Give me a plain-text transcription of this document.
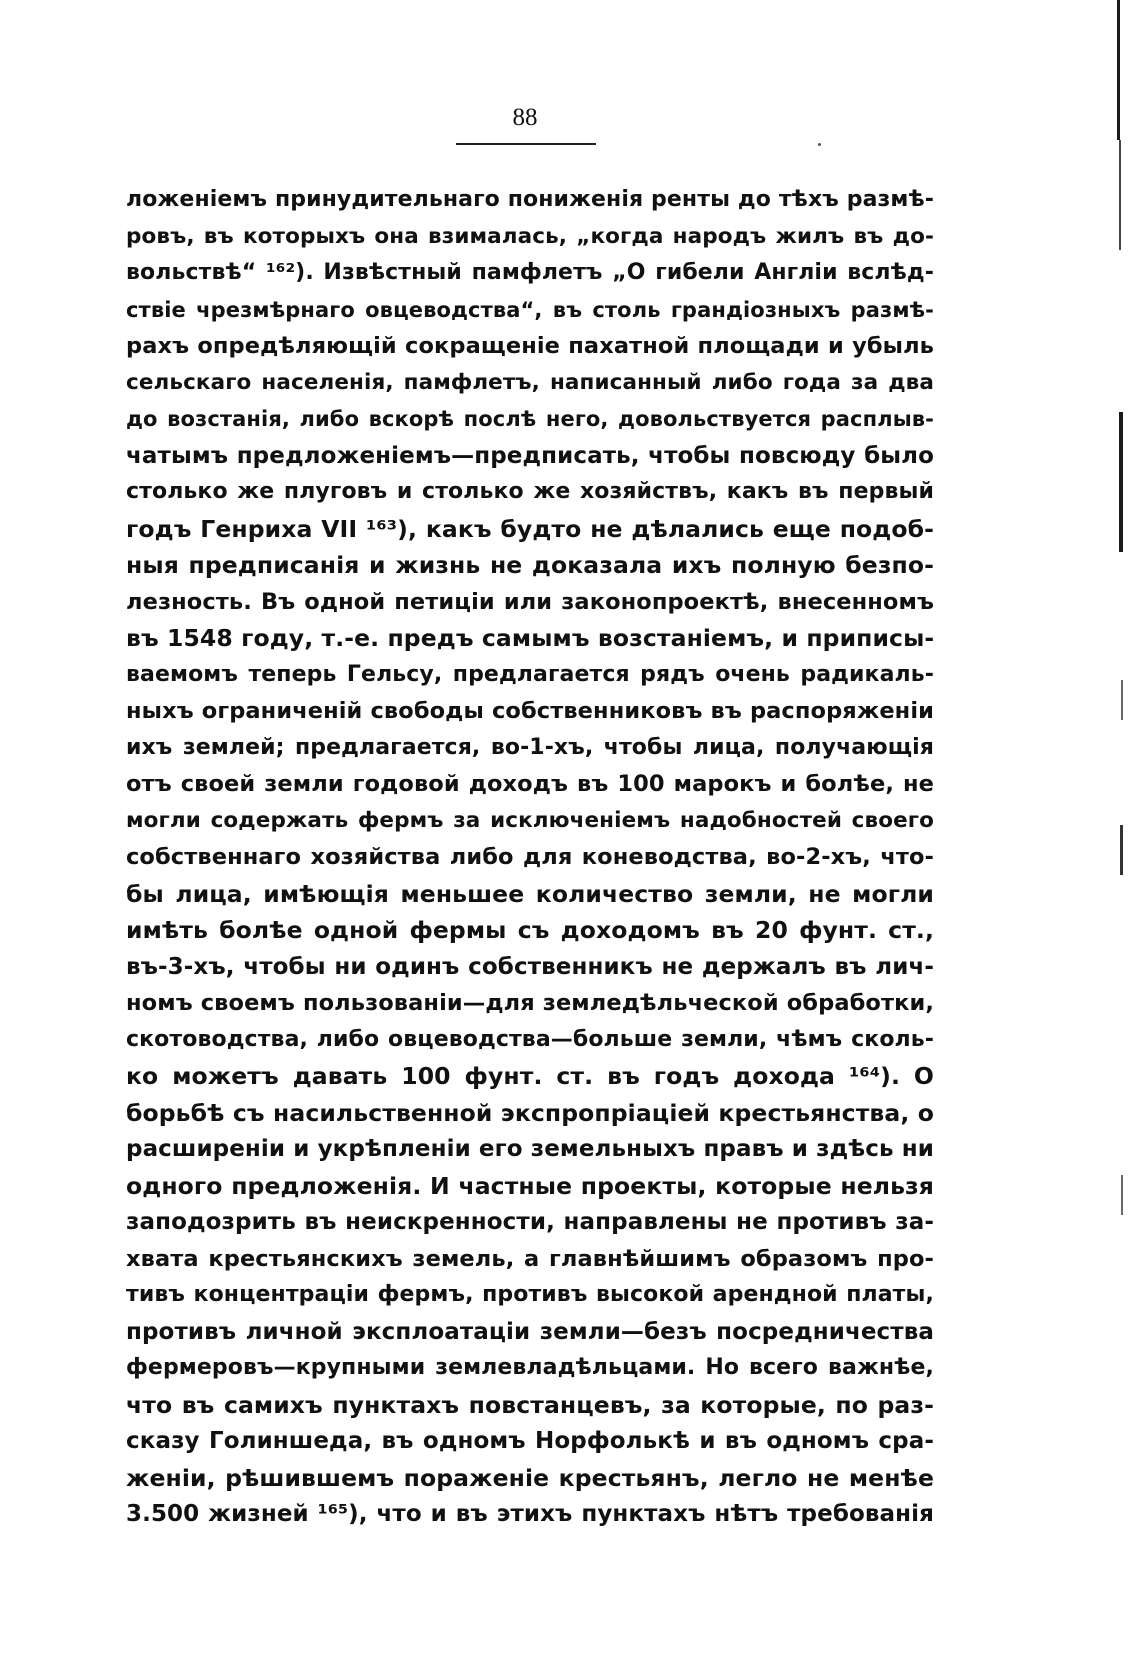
88
ложеніемъ принудительнаго пониженія ренты до тѣхъ размѣ-
ровъ, въ которыхъ она взималась, „когда народъ жилъ въ до-
вольствѣ“ ¹⁶²). Извѣстный памфлетъ „О гибели Англіи вслѣд-
ствіе чрезмѣрнаго овцеводства“, въ столь грандіозныхъ размѣ-
рахъ опредѣляющій сокращеніе пахатной площади и убыль
сельскаго населенія, памфлетъ, написанный либо года за два
до возстанія, либо вскорѣ послѣ него, довольствуется расплыв-
чатымъ предложеніемъ—предписать, чтобы повсюду было
столько же плуговъ и столько же хозяйствъ, какъ въ первый
годъ Генриха VII ¹⁶³), какъ будто не дѣлались еще подоб-
ныя предписанія и жизнь не доказала ихъ полную безпо-
лезность. Въ одной петиціи или законопроектѣ, внесенномъ
въ 1548 году, т.-е. предъ самымъ возстаніемъ, и приписы-
ваемомъ теперь Гельсу, предлагается рядъ очень радикаль-
ныхъ ограниченій свободы собственниковъ въ распоряженіи
ихъ землей; предлагается, во-1-хъ, чтобы лица, получающія
отъ своей земли годовой доходъ въ 100 марокъ и болѣе, не
могли содержать фермъ за исключеніемъ надобностей своего
собственнаго хозяйства либо для коневодства, во-2-хъ, что-
бы лица, имѣющія меньшее количество земли, не могли
имѣть болѣе одной фермы съ доходомъ въ 20 фунт. ст.,
въ-3-хъ, чтобы ни одинъ собственникъ не держалъ въ лич-
номъ своемъ пользованіи—для земледѣльческой обработки,
скотоводства, либо овцеводства—больше земли, чѣмъ сколь-
ко можетъ давать 100 фунт. ст. въ годъ дохода ¹⁶⁴). О
борьбѣ съ насильственной экспропріаціей крестьянства, о
расширеніи и укрѣпленіи его земельныхъ правъ и здѣсь ни
одного предложенія. И частные проекты, которые нельзя
заподозрить въ неискренности, направлены не противъ за-
хвата крестьянскихъ земель, а главнѣйшимъ образомъ про-
тивъ концентраціи фермъ, противъ высокой арендной платы,
противъ личной эксплоатаціи земли—безъ посредничества
фермеровъ—крупными землевладѣльцами. Но всего важнѣе,
что въ самихъ пунктахъ повстанцевъ, за которые, по раз-
сказу Голиншеда, въ одномъ Норфолькѣ и въ одномъ сра-
женіи, рѣшившемъ пораженіе крестьянъ, легло не менѣе
3.500 жизней ¹⁶⁵), что и въ этихъ пунктахъ нѣтъ требованія
